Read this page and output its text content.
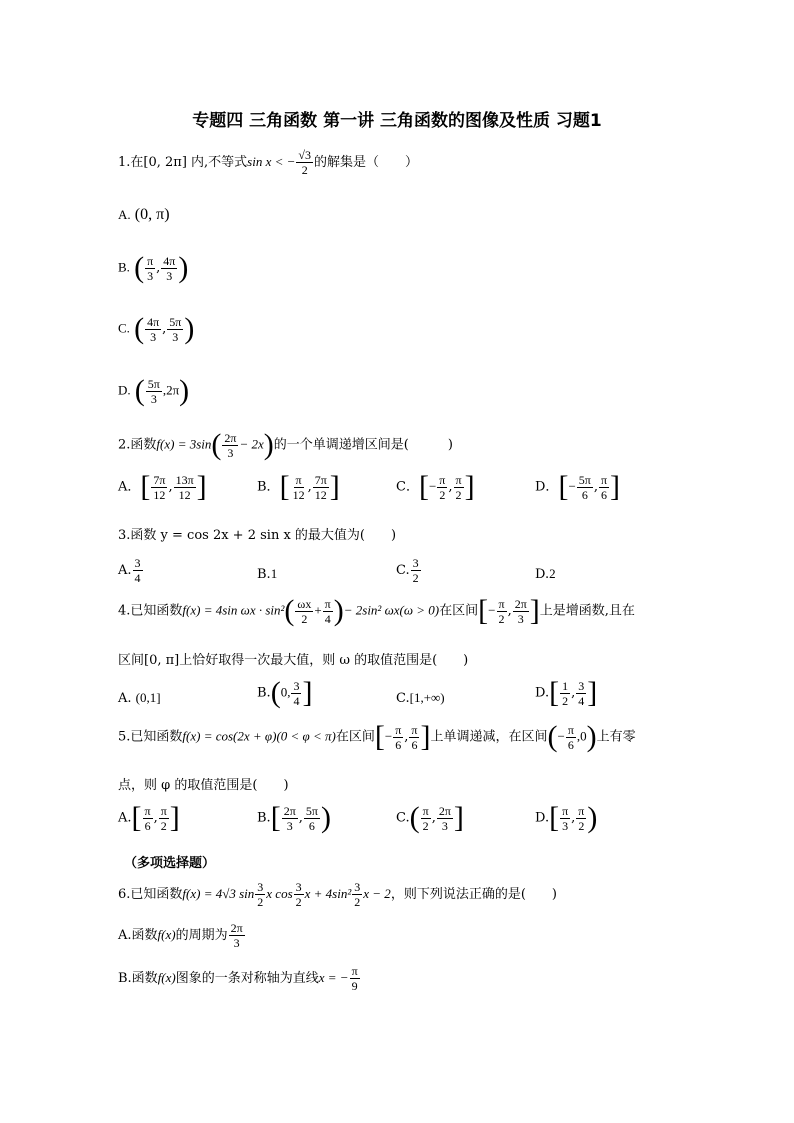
专题四 三角函数 第一讲 三角函数的图像及性质 习题1
1.在[0, 2π] 内,不等式sin x < − $\frac{√3}{2}$ 的解集是（　　）
A. (0, π)
B. ( $\frac{\pi}{3}$ , $\frac{4\pi}{3}$ )
C. ( $\frac{4\pi}{3}$ , $\frac{5\pi}{3}$ )
D. ( $\frac{5\pi}{3} ,2\pi$)
2.函数$f(x) = 3\sin( \frac{2\pi}{3} - 2x)$的一个单调递增区间是(　　　)
A．[ $\frac{7\pi}{12}$ , $\frac{13\pi}{12}$ ]	B．[ $\frac{\pi}{12}$ , $\frac{7\pi}{12}$ ]	C．[− $\frac{\pi}{2}$ , $\frac{\pi}{2}$ ]	D．[− $\frac{5\pi}{6}$ , $\frac{\pi}{6}$ ]
3.函数 y = cos 2x + 2 sin x 的最大值为(　　)
A. $\frac{3}{4}$	B.1	C. $\frac{3}{2}$	D.2
4.已知函数f(x) = 4sin $\omega x \cdot \sin^2( \frac{\omega x}{2} + \frac{\pi}{4}$ )− 2sin² ωx(ω > 0)在区间[− $\frac{\pi}{2}$ , $\frac{2\pi}{3}$ ]上是增函数,且在
区间[0, π]上恰好取得一次最大值，则 ω 的取值范围是(　　)
A. (0,1]	B.(0, $\frac{3}{4}$ ]	C.[1,+∞)	$D.[ \frac{1}{2}$ , $\frac{3}{4}$ ]
5.已知函数f(x) = cos(2x + φ)(0 < φ < π)在区间[− $\frac{\pi}{6}$ , $\frac{\pi}{6}$ ]上单调递减，在区间(− $\frac{\pi}{6} ,0$)上有零
点，则 φ 的取值范围是(　　)
$A.[ \frac{\pi}{6}$ , $\frac{\pi}{2}$ ]	$B.[ \frac{2\pi}{3}$ , $\frac{5\pi}{6}$ )	$C.( \frac{\pi}{2}$ , $\frac{2\pi}{3}$ ]	$D.[ \frac{\pi}{3}$ , $\frac{\pi}{2}$ )
（多项选择题）
6.已知函数f(x) = 4√3 $\sin \frac{3}{2}$ x $\cos \frac{3}{2}$ $x + 4\sin^2 \frac{3}{2}$ x − 2，则下列说法正确的是(　　)
A.函数f(x)的周期为 $\frac{2\pi}{3}$
B.函数f(x)图象的一条对称轴为直线x = − $\frac{\pi}{9}$
